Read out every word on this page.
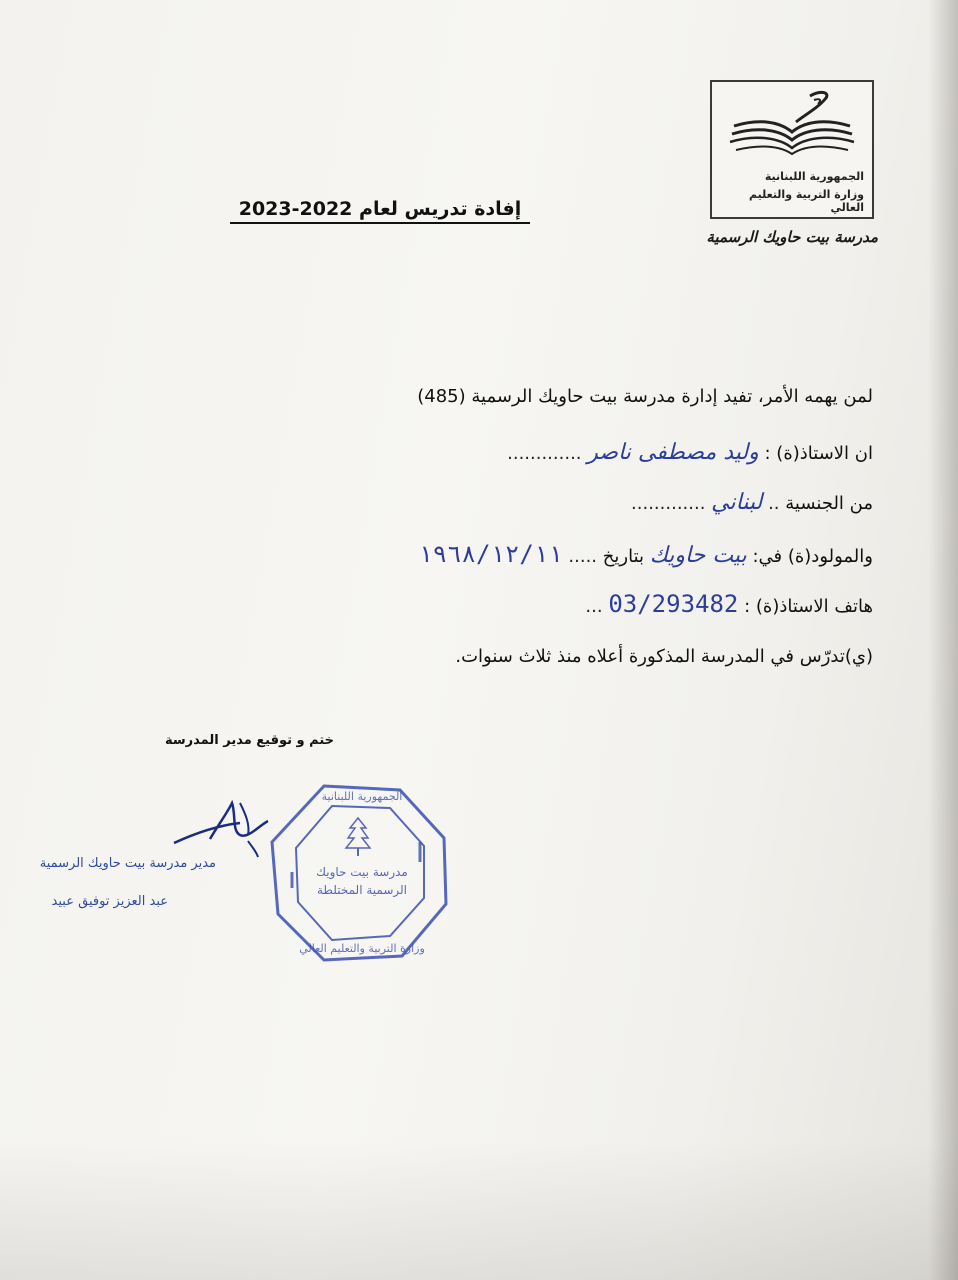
الجمهورية اللبنانية
وزارة التربية والتعليم العالي
مدرسة بيت حاويك الرسمية
إفادة تدريس لعام 2022-2023
لمن يهمه الأمر، تفيد إدارة مدرسة بيت حاويك الرسمية (485)
ان الاستاذ(ة) : وليد مصطفى ناصر .............
من الجنسية .. لبناني .............
والمولود(ة) في: بيت حاويك بتاريخ ..... ١٩٦٨/١٢/١١
هاتف الاستاذ(ة) : 03/293482 ...
(ي)تدرّس في المدرسة المذكورة أعلاه منذ ثلاث سنوات.
ختم و توقيع مدير المدرسة
مدير مدرسة بيت حاويك الرسمية
عبد العزيز توفيق عبيد
مدرسة بيت حاويك
الرسمية المختلطة
الجمهورية اللبنانية
وزارة التربية والتعليم العالي
